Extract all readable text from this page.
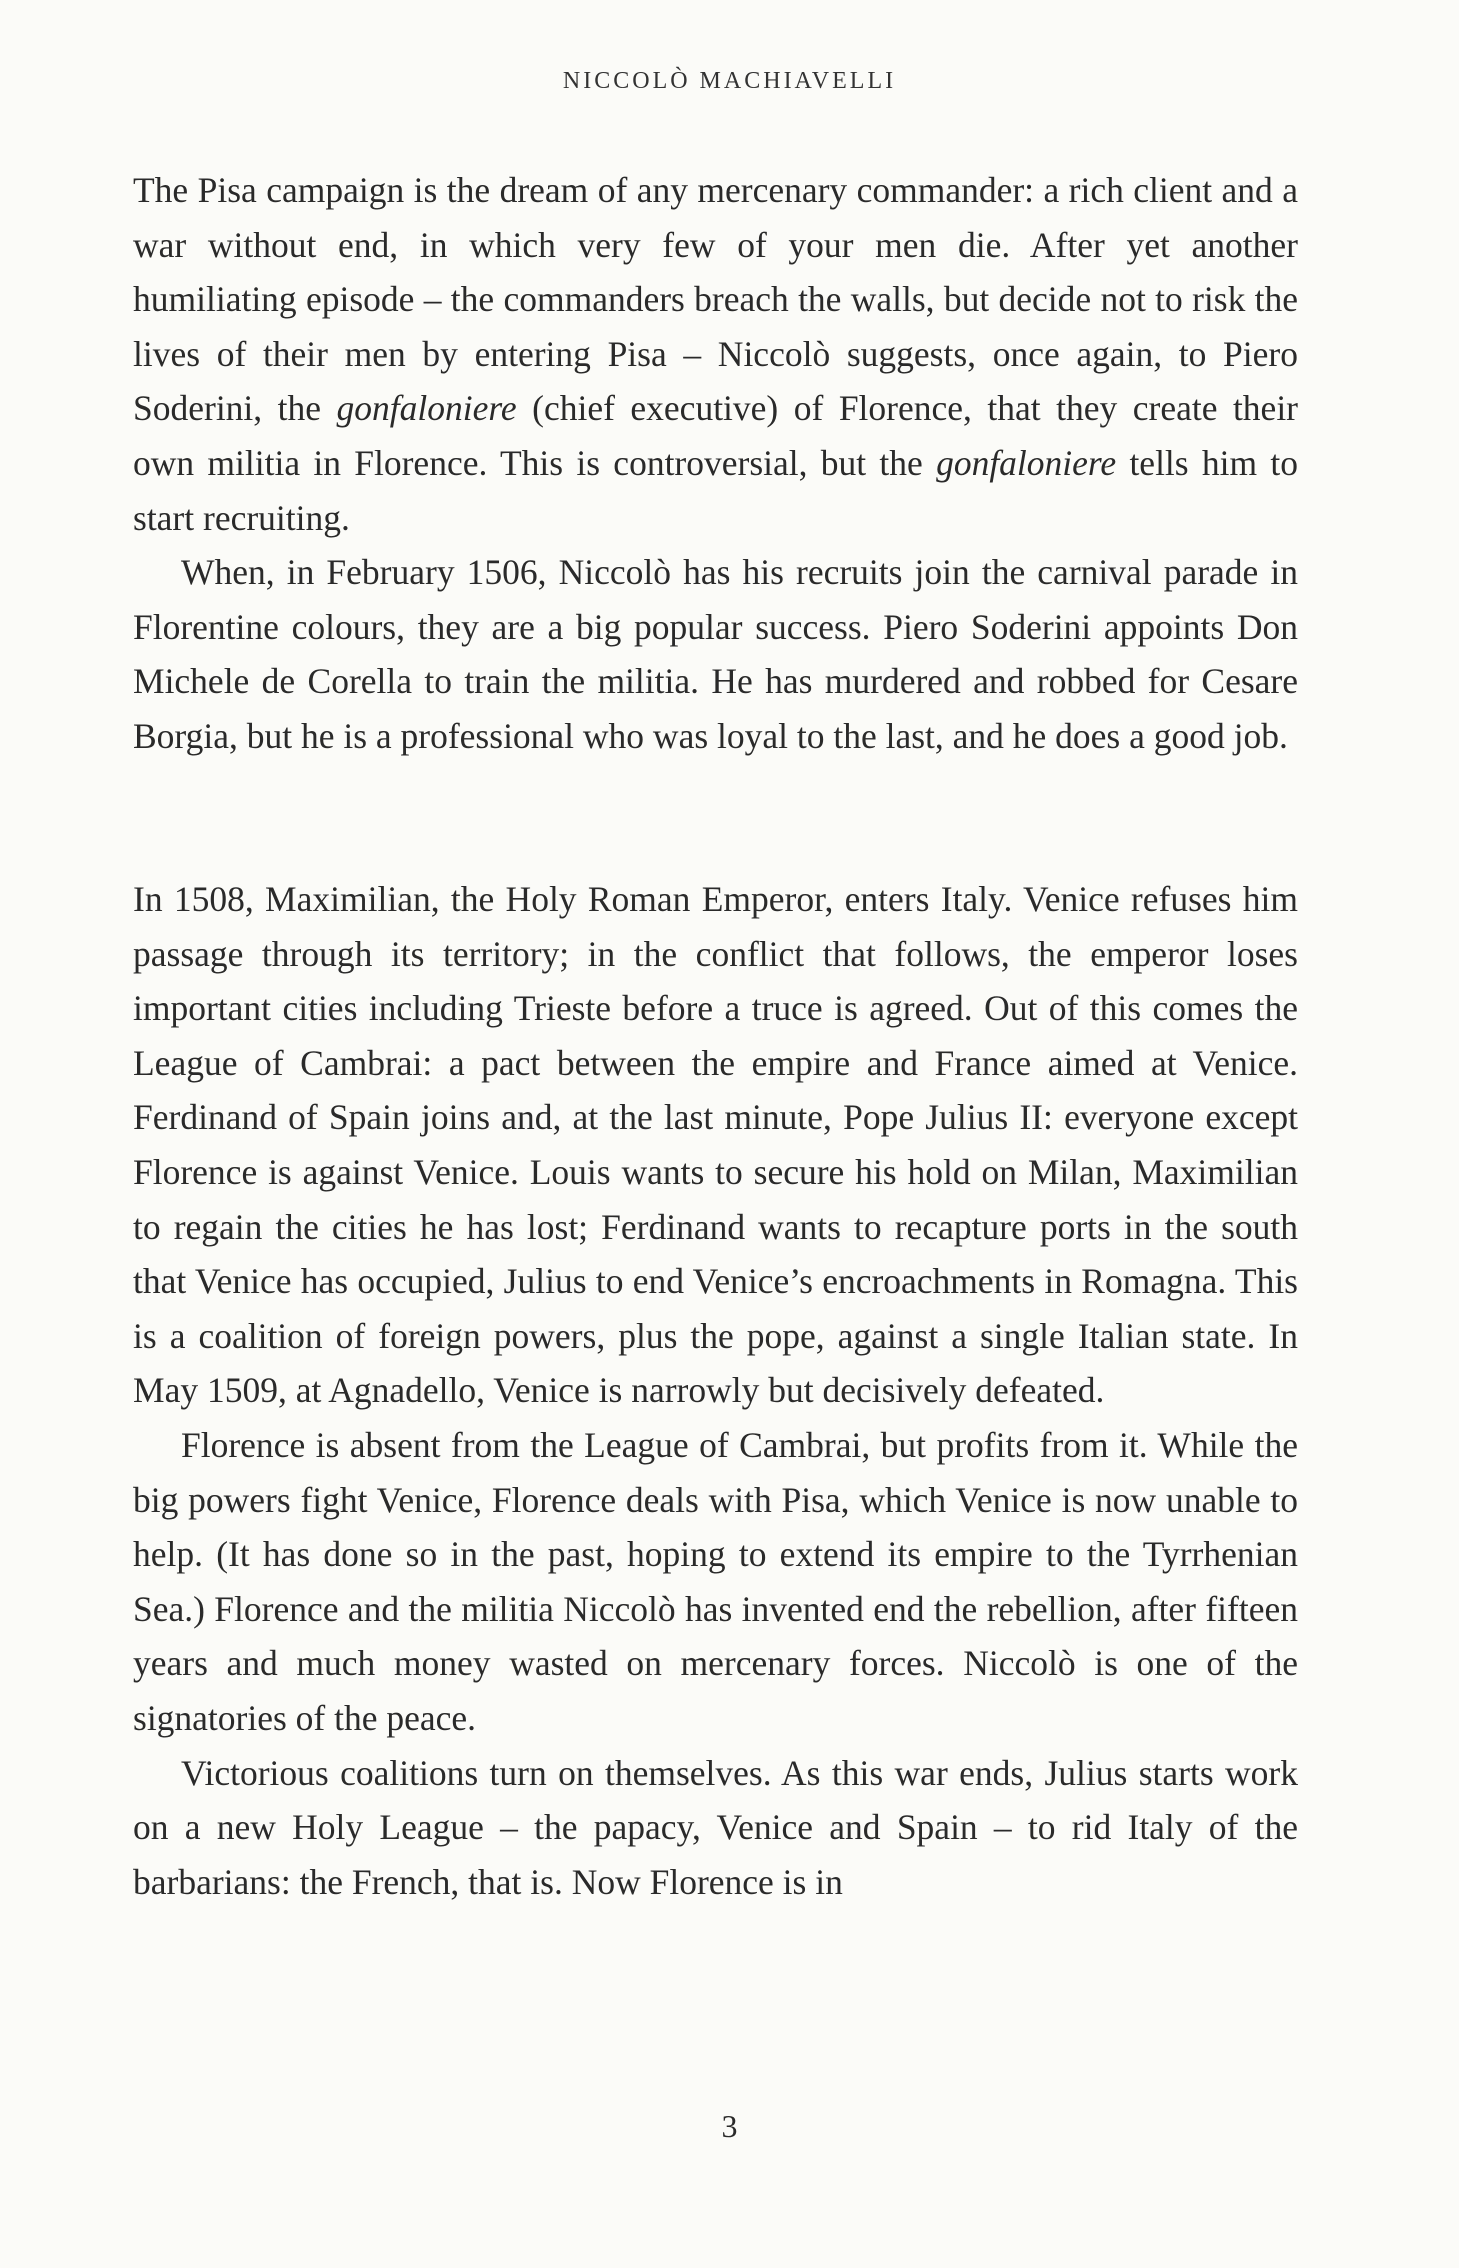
NICCOLÒ MACHIAVELLI

The Pisa campaign is the dream of any mercenary commander: a rich client and a war without end, in which very few of your men die. After yet another humiliating episode – the commanders breach the walls, but decide not to risk the lives of their men by entering Pisa – Niccolò suggests, once again, to Piero Soderini, the gonfaloniere (chief executive) of Florence, that they create their own militia in Florence. This is controversial, but the gonfaloniere tells him to start recruiting.

When, in February 1506, Niccolò has his recruits join the carnival parade in Florentine colours, they are a big popular success. Piero Soderini appoints Don Michele de Corella to train the militia. He has murdered and robbed for Cesare Borgia, but he is a professional who was loyal to the last, and he does a good job.

In 1508, Maximilian, the Holy Roman Emperor, enters Italy. Venice refuses him passage through its territory; in the conflict that follows, the emperor loses important cities including Trieste before a truce is agreed. Out of this comes the League of Cambrai: a pact between the empire and France aimed at Venice. Ferdinand of Spain joins and, at the last minute, Pope Julius II: everyone except Florence is against Venice. Louis wants to secure his hold on Milan, Maximilian to regain the cities he has lost; Ferdinand wants to recapture ports in the south that Venice has occupied, Julius to end Venice’s encroachments in Romagna. This is a coalition of foreign powers, plus the pope, against a single Italian state. In May 1509, at Agnadello, Venice is narrowly but decisively defeated.

Florence is absent from the League of Cambrai, but profits from it. While the big powers fight Venice, Florence deals with Pisa, which Venice is now unable to help. (It has done so in the past, hoping to extend its empire to the Tyrrhenian Sea.) Florence and the militia Niccolò has invented end the rebellion, after fifteen years and much money wasted on mercenary forces. Niccolò is one of the signatories of the peace.

Victorious coalitions turn on themselves. As this war ends, Julius starts work on a new Holy League – the papacy, Venice and Spain – to rid Italy of the barbarians: the French, that is. Now Florence is in

3
